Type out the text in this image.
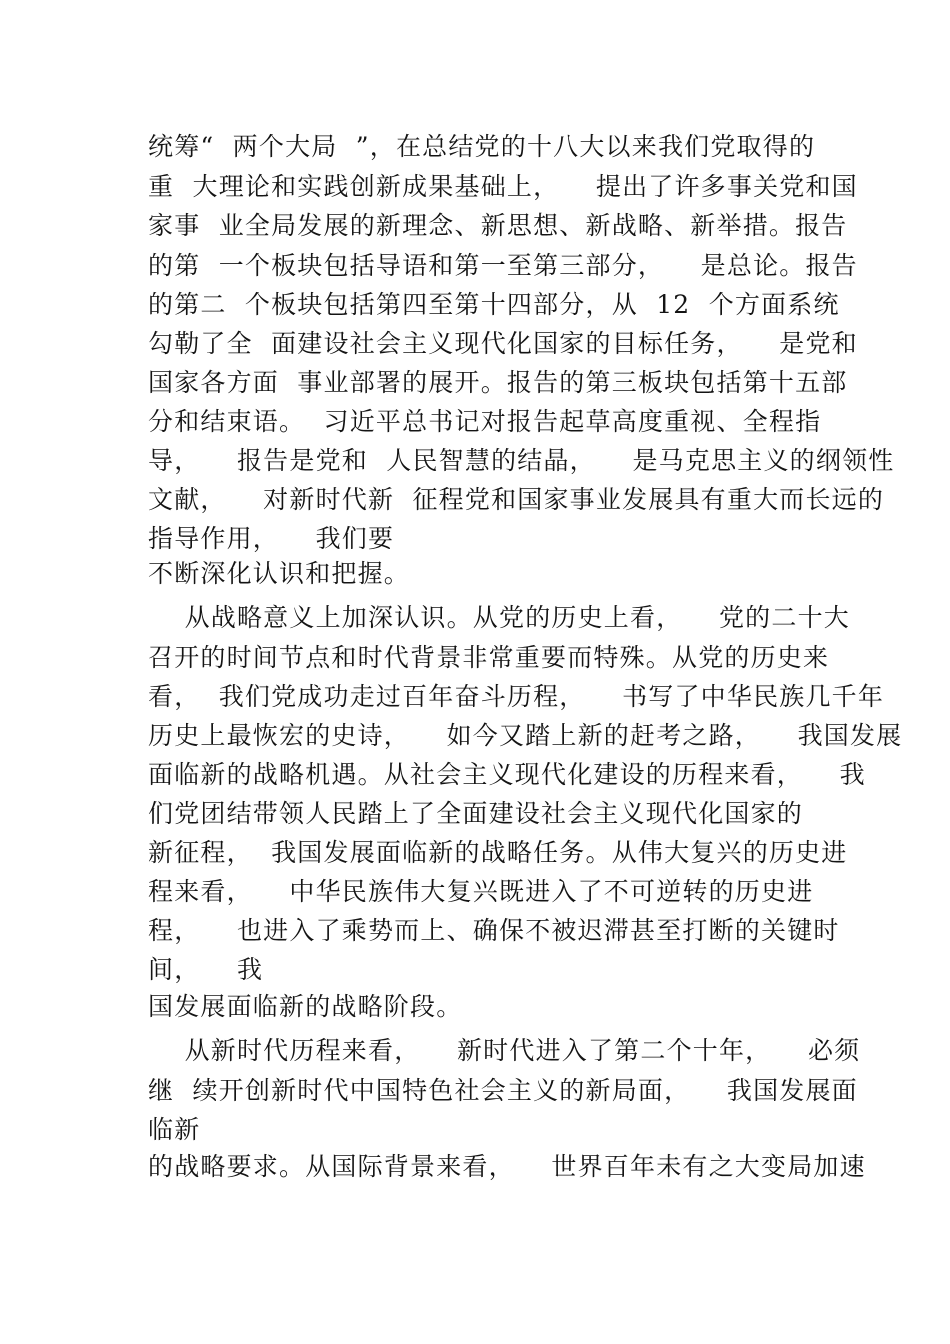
统筹“  两个大局  ”，在总结党的十八大以来我们党取得的
重  大理论和实践创新成果基础上，    提出了许多事关党和国
家事  业全局发展的新理念、新思想、新战略、新举措。报告
的第  一个板块包括导语和第一至第三部分，    是总论。报告
的第二  个板块包括第四至第十四部分，从  12  个方面系统
勾勒了全  面建设社会主义现代化国家的目标任务，    是党和
国家各方面  事业部署的展开。报告的第三板块包括第十五部
分和结束语。  习近平总书记对报告起草高度重视、全程指
导，    报告是党和  人民智慧的结晶，    是马克思主义的纲领性
文献，    对新时代新  征程党和国家事业发展具有重大而长远的
指导作用，    我们要
不断深化认识和把握。
从战略意义上加深认识。从党的历史上看，    党的二十大
召开的时间节点和时代背景非常重要而特殊。从党的历史来
看，  我们党成功走过百年奋斗历程，    书写了中华民族几千年
历史上最恢宏的史诗，    如今又踏上新的赶考之路，    我国发展
面临新的战略机遇。从社会主义现代化建设的历程来看，    我
们党团结带领人民踏上了全面建设社会主义现代化国家的
新征程，  我国发展面临新的战略任务。从伟大复兴的历史进
程来看，    中华民族伟大复兴既进入了不可逆转的历史进
程，    也进入了乘势而上、确保不被迟滞甚至打断的关键时
间，    我
国发展面临新的战略阶段。
从新时代历程来看，    新时代进入了第二个十年，    必须
继  续开创新时代中国特色社会主义的新局面，    我国发展面
临新
的战略要求。从国际背景来看，    世界百年未有之大变局加速
